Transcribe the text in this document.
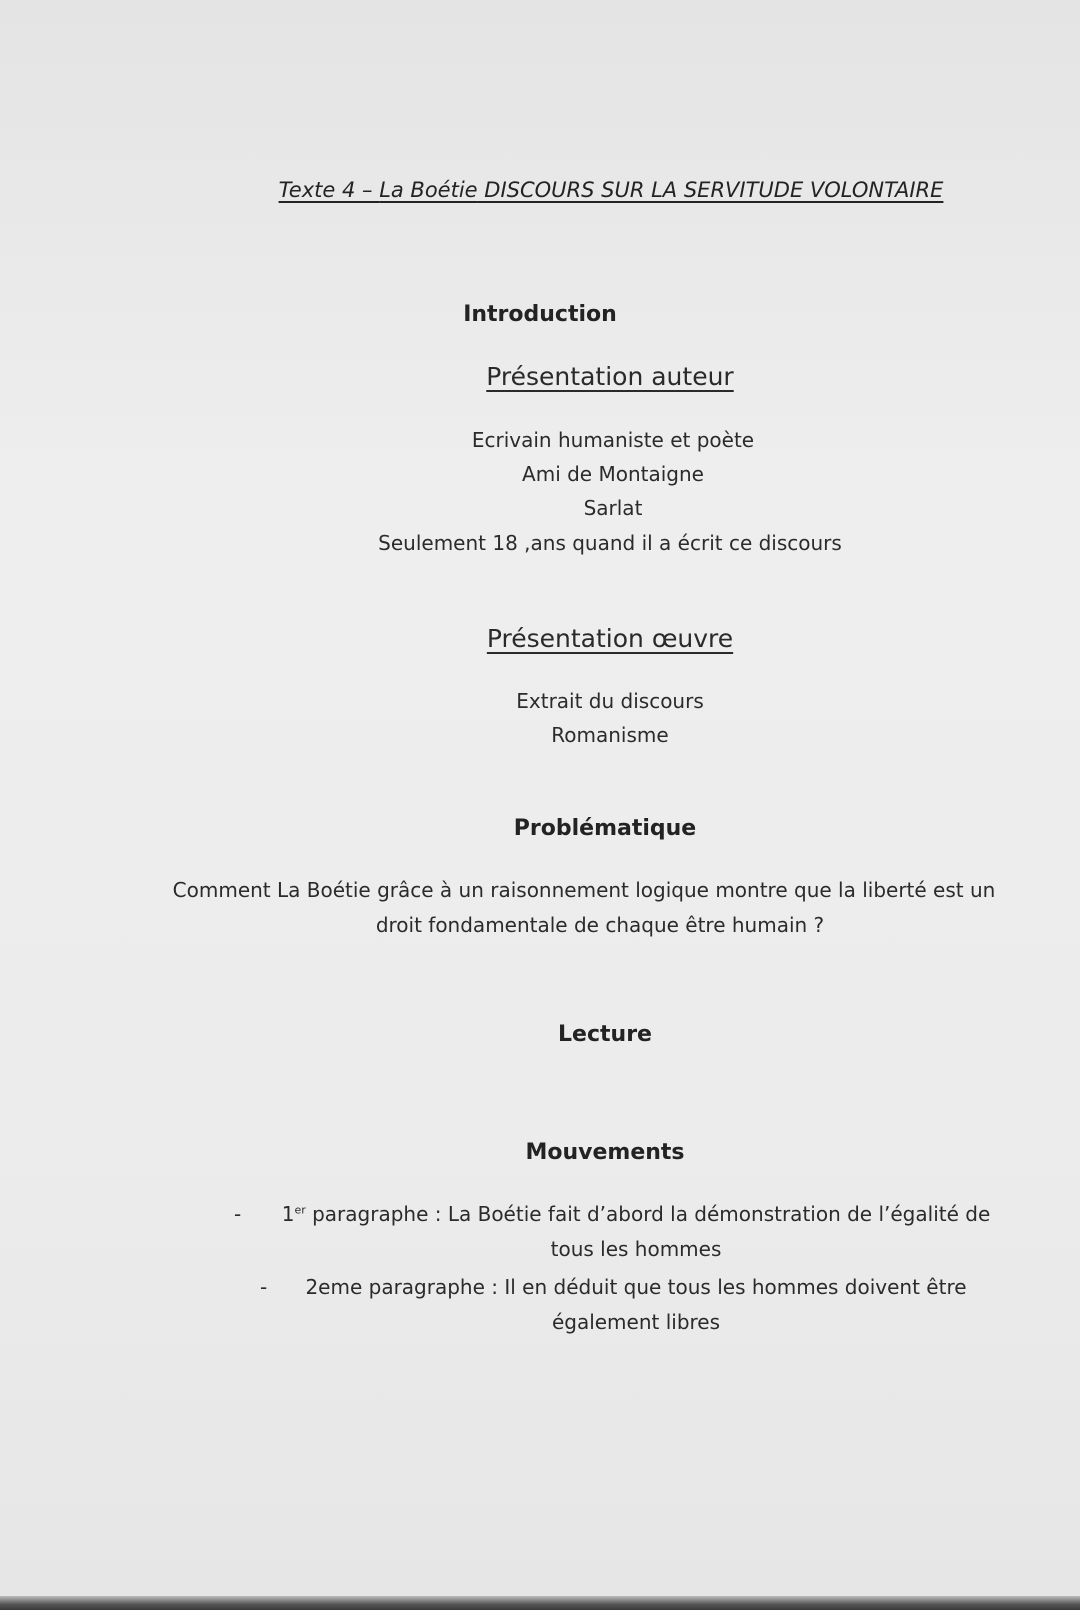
Texte 4 – La Boétie DISCOURS SUR LA SERVITUDE VOLONTAIRE
Introduction
Présentation auteur
Ecrivain humaniste et poète
Ami de Montaigne
Sarlat
Seulement 18 ,ans quand il a écrit ce discours
Présentation œuvre
Extrait du discours
Romanisme
Problématique
Comment La Boétie grâce à un raisonnement logique montre que la liberté est un
droit fondamentale de chaque être humain ?
Lecture
Mouvements
-	1er paragraphe : La Boétie fait d’abord la démonstration de l’égalité de
tous les hommes
-	2eme paragraphe : Il en déduit que tous les hommes doivent être
également libres
